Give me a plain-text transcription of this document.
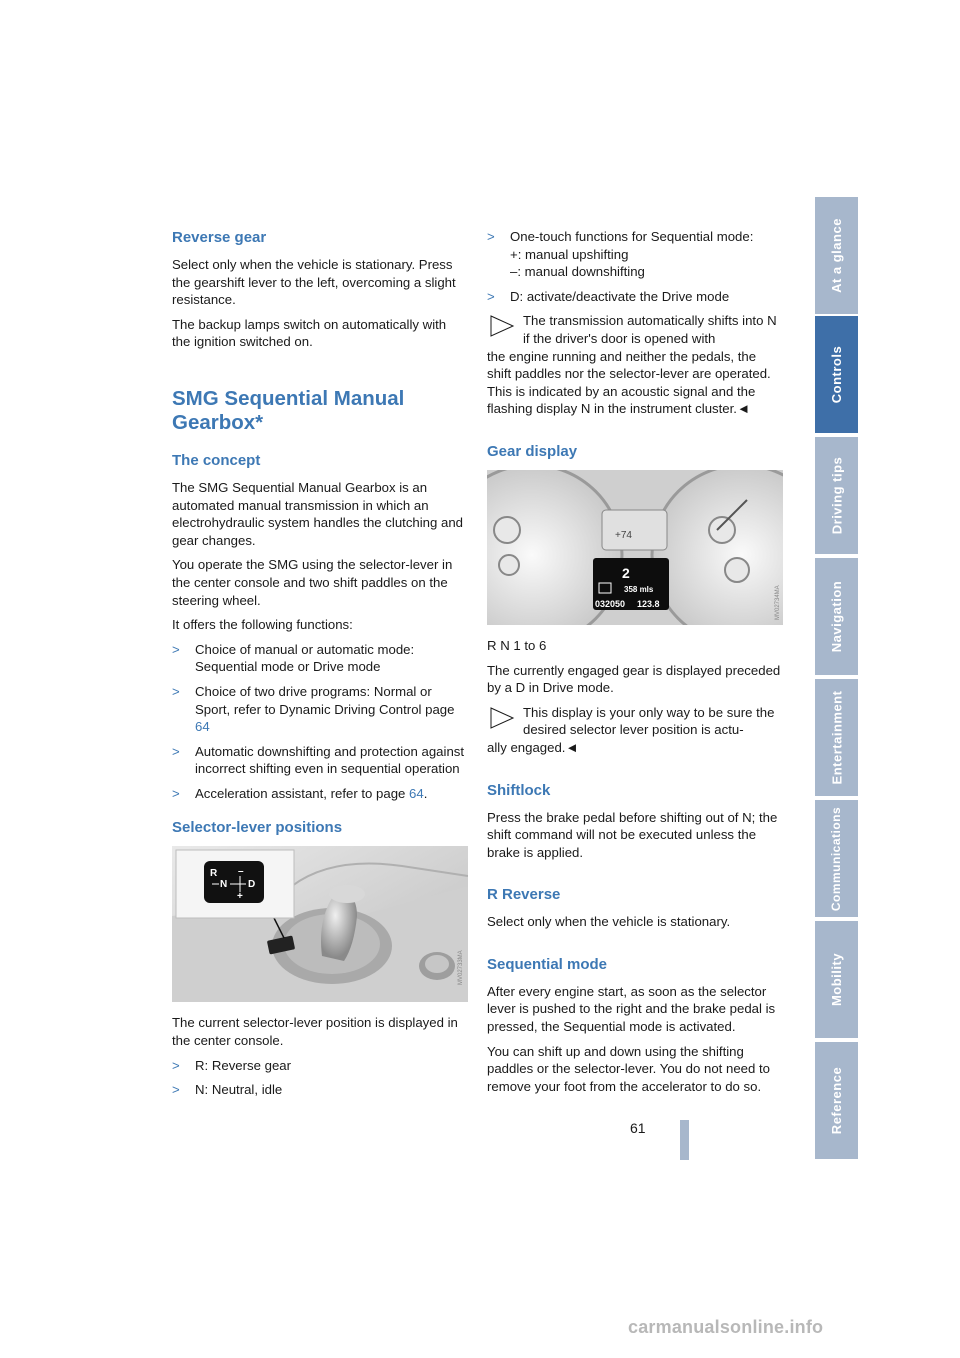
Reverse gear

Select only when the vehicle is stationary. Press the gearshift lever to the left, overcoming a slight resistance.

The backup lamps switch on automatically with the ignition switched on.

SMG Sequential Manual Gearbox*
The concept

The SMG Sequential Manual Gearbox is an automated manual transmission in which an electrohydraulic system handles the clutching and gear changes.

You operate the SMG using the selector-lever in the center console and two shift paddles on the steering wheel.

It offers the following functions:

> Choice of manual or automatic mode: Sequential mode or Drive mode
> Choice of two drive programs: Normal or Sport, refer to Dynamic Driving Control page 64
> Automatic downshifting and protection against incorrect shifting even in sequential operation
> Acceleration assistant, refer to page 64.
Selector-lever positions
R
N D
–
+
MV02733MA

The current selector-lever position is displayed in the center console.

> R: Reverse gear
> N: Neutral, idle
> One-touch functions for Sequential mode:
+: manual upshifting
–: manual downshifting
> D: activate/deactivate the Drive mode
The transmission automatically shifts into N if the driver's door is opened with

the engine running and neither the pedals, the shift paddles nor the selector-lever are operated.

This is indicated by an acoustic signal and the flashing display N in the instrument cluster.◄

Gear display
+74
2
358 mls
032050 123.8	MV02734MA

R N 1 to 6

The currently engaged gear is displayed preceded by a D in Drive mode.

This display is your only way to be sure the desired selector lever position is actu-

ally engaged.◄

Shiftlock

Press the brake pedal before shifting out of N; the shift command will not be executed unless the brake is applied.

R Reverse

Select only when the vehicle is stationary.

Sequential mode

After every engine start, as soon as the selector lever is pushed to the right and the brake pedal is pressed, the Sequential mode is activated.

You can shift up and down using the shifting paddles or the selector-lever. You do not need to remove your foot from the accelerator to do so.

At a glance
Controls
Driving tips
Navigation
Entertainment
Communications
Mobility
Reference
61
carmanualsonline.info
